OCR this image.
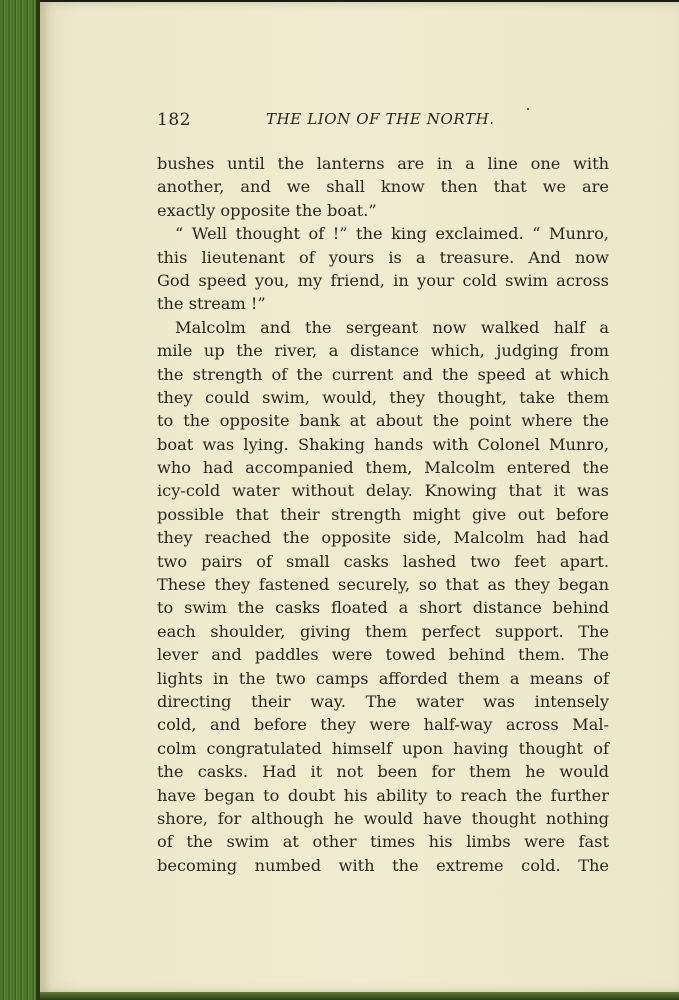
182	THE LION OF THE NORTH.
bushes until the lanterns are in a line one with
another, and we shall know then that we are
exactly opposite the boat.”
“ Well thought of !” the king exclaimed. “ Munro,
this lieutenant of yours is a treasure. And now
God speed you, my friend, in your cold swim across
the stream !”
Malcolm and the sergeant now walked half a
mile up the river, a distance which, judging from
the strength of the current and the speed at which
they could swim, would, they thought, take them
to the opposite bank at about the point where the
boat was lying. Shaking hands with Colonel Munro,
who had accompanied them, Malcolm entered the
icy-cold water without delay. Knowing that it was
possible that their strength might give out before
they reached the opposite side, Malcolm had had
two pairs of small casks lashed two feet apart.
These they fastened securely, so that as they began
to swim the casks floated a short distance behind
each shoulder, giving them perfect support. The
lever and paddles were towed behind them. The
lights in the two camps afforded them a means of
directing their way. The water was intensely
cold, and before they were half-way across Mal-
colm congratulated himself upon having thought of
the casks. Had it not been for them he would
have began to doubt his ability to reach the further
shore, for although he would have thought nothing
of the swim at other times his limbs were fast
becoming numbed with the extreme cold. The
